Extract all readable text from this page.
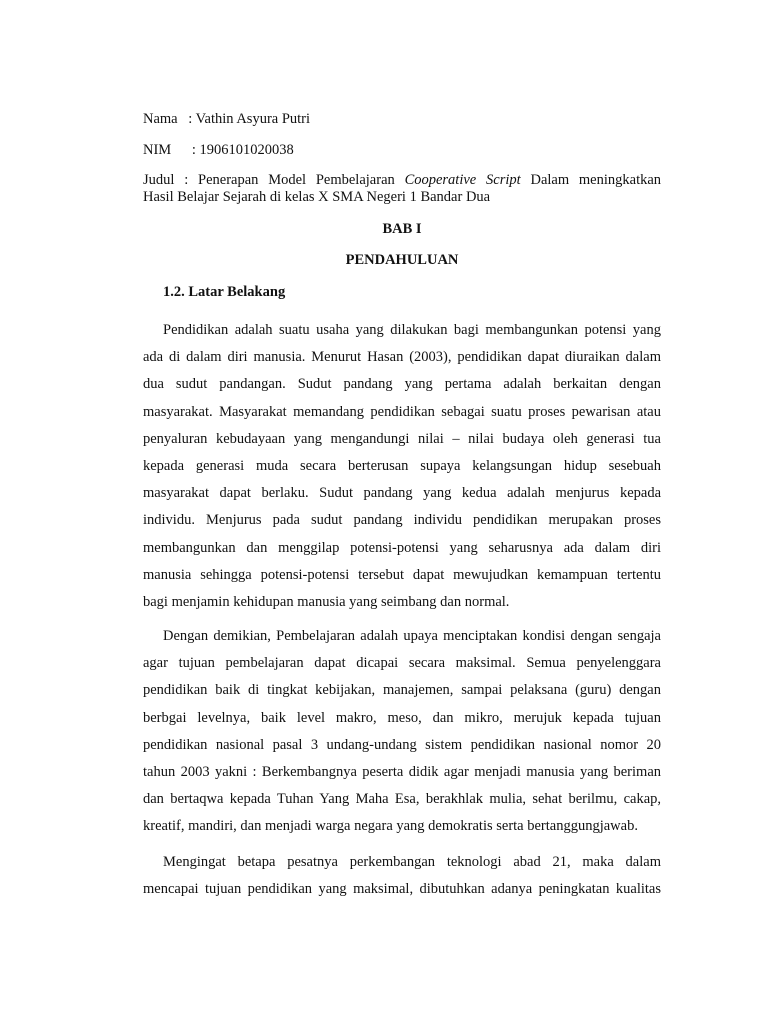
Nama : Vathin Asyura Putri
NIM : 1906101020038
Judul : Penerapan Model Pembelajaran Cooperative Script Dalam meningkatkan
Hasil Belajar Sejarah di kelas X SMA Negeri 1 Bandar Dua
BAB I
PENDAHULUAN
1.2. Latar Belakang
Pendidikan adalah suatu usaha yang dilakukan bagi membangunkan potensi yang
ada di dalam diri manusia. Menurut Hasan (2003), pendidikan dapat diuraikan dalam
dua sudut pandangan. Sudut pandang yang pertama adalah berkaitan dengan
masyarakat. Masyarakat memandang pendidikan sebagai suatu proses pewarisan atau
penyaluran kebudayaan yang mengandungi nilai – nilai budaya oleh generasi tua
kepada generasi muda secara berterusan supaya kelangsungan hidup sesebuah
masyarakat dapat berlaku. Sudut pandang yang kedua adalah menjurus kepada
individu. Menjurus pada sudut pandang individu pendidikan merupakan proses
membangunkan dan menggilap potensi-potensi yang seharusnya ada dalam diri
manusia sehingga potensi-potensi tersebut dapat mewujudkan kemampuan tertentu
bagi menjamin kehidupan manusia yang seimbang dan normal.
Dengan demikian, Pembelajaran adalah upaya menciptakan kondisi dengan sengaja
agar tujuan pembelajaran dapat dicapai secara maksimal. Semua penyelenggara
pendidikan baik di tingkat kebijakan, manajemen, sampai pelaksana (guru) dengan
berbgai levelnya, baik level makro, meso, dan mikro, merujuk kepada tujuan
pendidikan nasional pasal 3 undang-undang sistem pendidikan nasional nomor 20
tahun 2003 yakni : Berkembangnya peserta didik agar menjadi manusia yang beriman
dan bertaqwa kepada Tuhan Yang Maha Esa, berakhlak mulia, sehat berilmu, cakap,
kreatif, mandiri, dan menjadi warga negara yang demokratis serta bertanggungjawab.
Mengingat betapa pesatnya perkembangan teknologi abad 21, maka dalam
mencapai tujuan pendidikan yang maksimal, dibutuhkan adanya peningkatan kualitas
